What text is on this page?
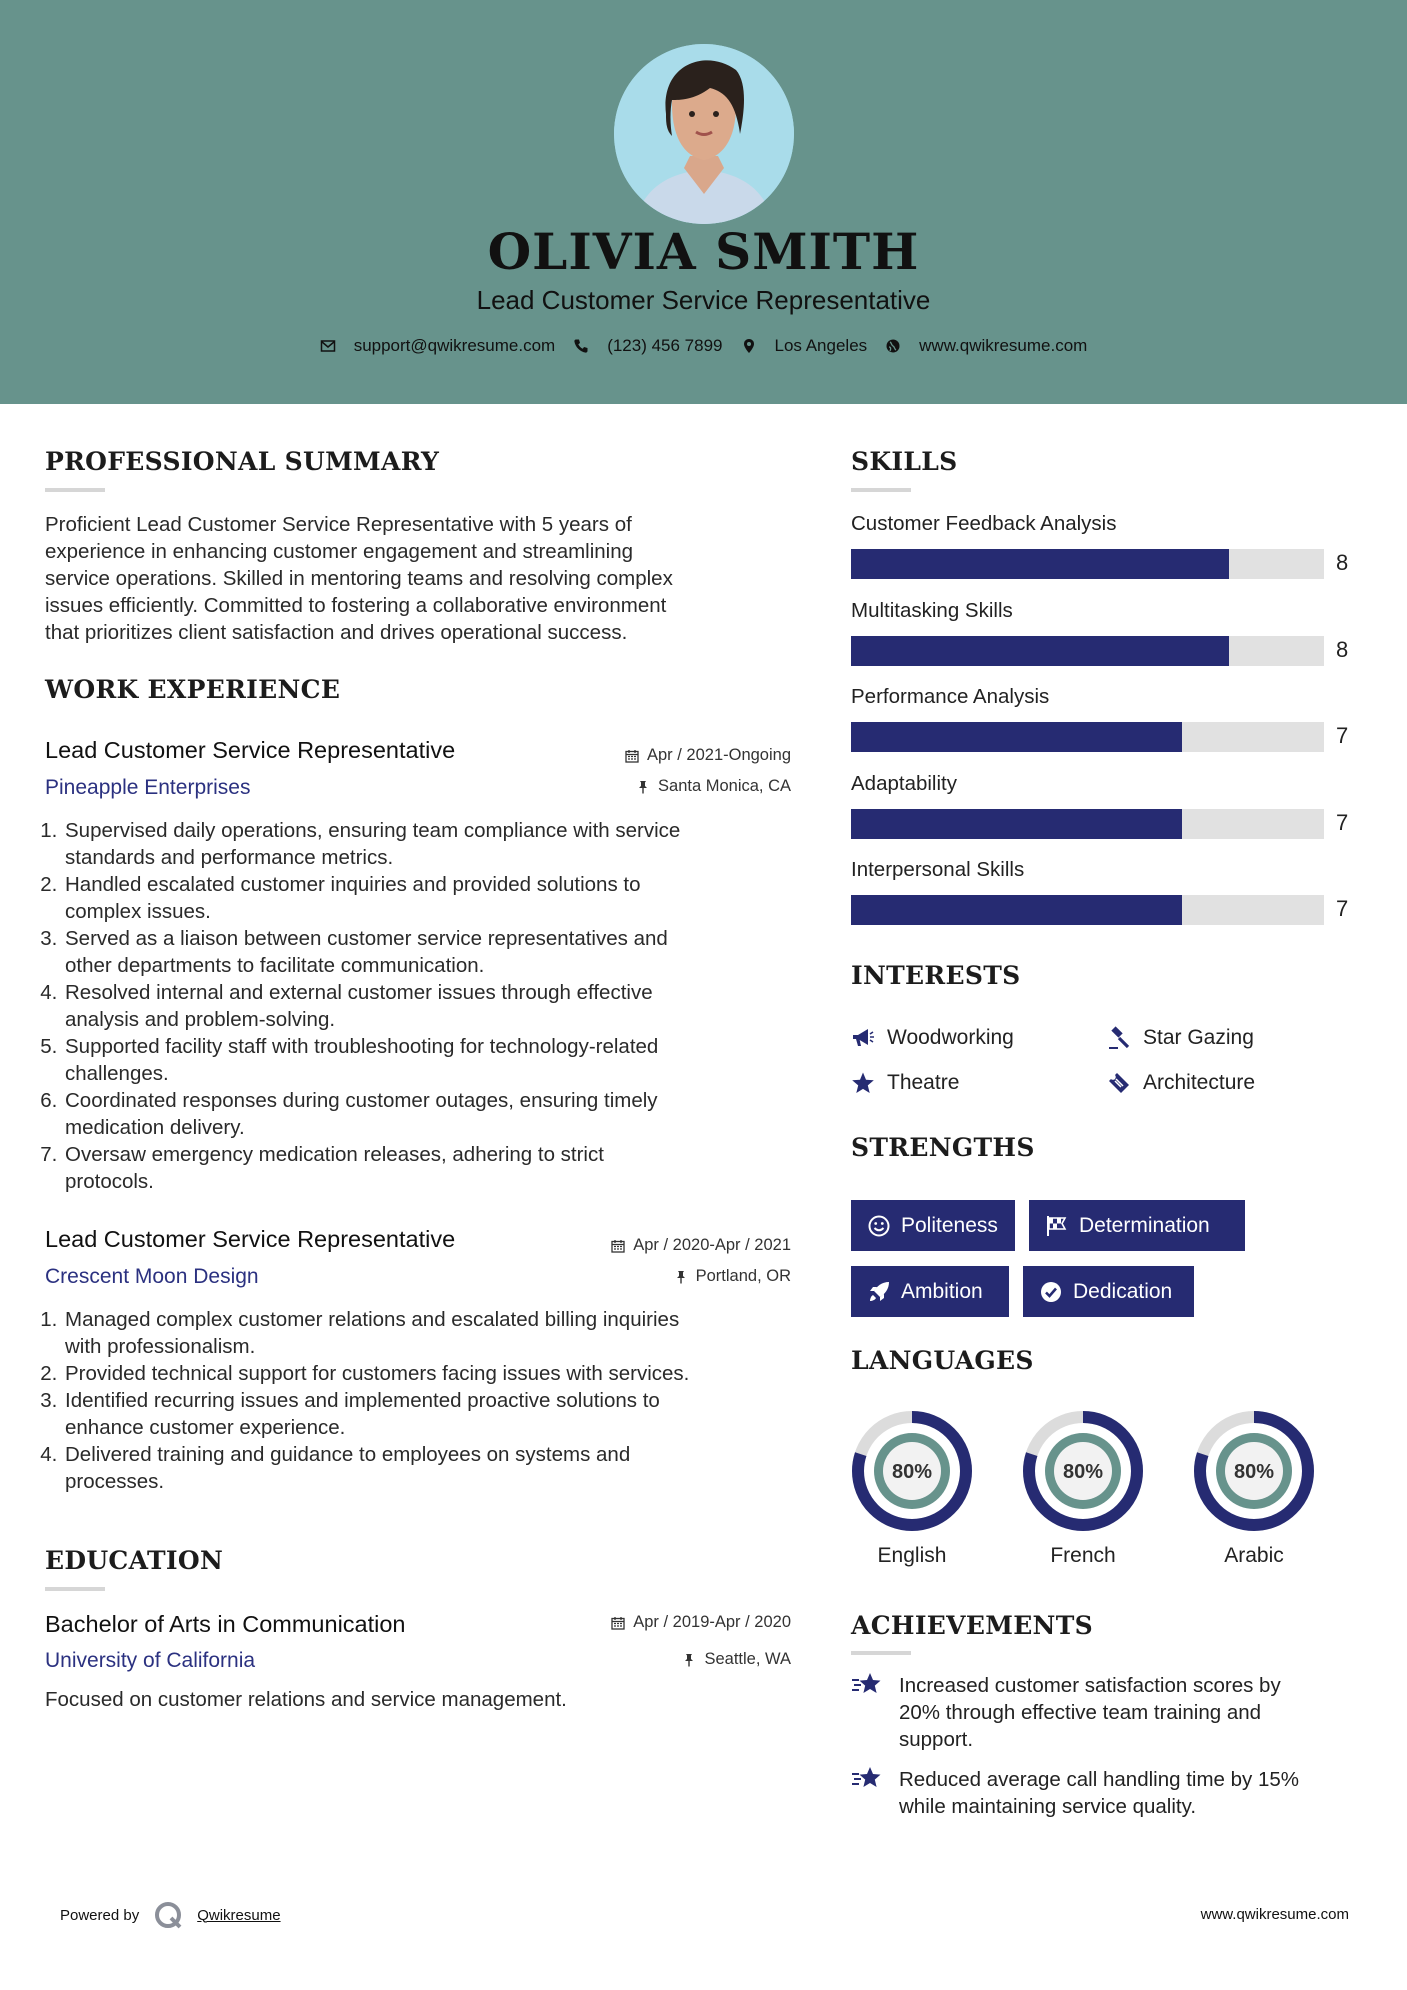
OLIVIA SMITH
Lead Customer Service Representative
support@qwikresume.com	(123) 456 7899	Los Angeles	www.qwikresume.com
PROFESSIONAL SUMMARY
Proficient Lead Customer Service Representative with 5 years of
experience in enhancing customer engagement and streamlining
service operations. Skilled in mentoring teams and resolving complex
issues efficiently. Committed to fostering a collaborative environment
that prioritizes client satisfaction and drives operational success.
WORK EXPERIENCE
Lead Customer Service Representative
Pineapple Enterprises
Apr / 2021-Ongoing
Santa Monica, CA
1. Supervised daily operations, ensuring team compliance with service
standards and performance metrics.
2. Handled escalated customer inquiries and provided solutions to
complex issues.
3. Served as a liaison between customer service representatives and
other departments to facilitate communication.
4. Resolved internal and external customer issues through effective
analysis and problem-solving.
5. Supported facility staff with troubleshooting for technology-related
challenges.
6. Coordinated responses during customer outages, ensuring timely
medication delivery.
7. Oversaw emergency medication releases, adhering to strict
protocols.
Lead Customer Service Representative
Crescent Moon Design
Apr / 2020-Apr / 2021
Portland, OR
1. Managed complex customer relations and escalated billing inquiries
with professionalism.
2. Provided technical support for customers facing issues with services.
3. Identified recurring issues and implemented proactive solutions to
enhance customer experience.
4. Delivered training and guidance to employees on systems and
processes.
EDUCATION
Bachelor of Arts in Communication
University of California
Apr / 2019-Apr / 2020
Seattle, WA
Focused on customer relations and service management.
SKILLS
Customer Feedback Analysis
8
Multitasking Skills
8
Performance Analysis
7
Adaptability
7
Interpersonal Skills
7
INTERESTS
Woodworking	Star Gazing
Theatre	Architecture
STRENGTHS
Politeness	Determination
Ambition	Dedication
LANGUAGES
80%
English
80%
French
80%
Arabic
ACHIEVEMENTS
Increased customer satisfaction scores by
20% through effective team training and
support.
Reduced average call handling time by 15%
while maintaining service quality.
Powered by	Qwikresume	www.qwikresume.com
